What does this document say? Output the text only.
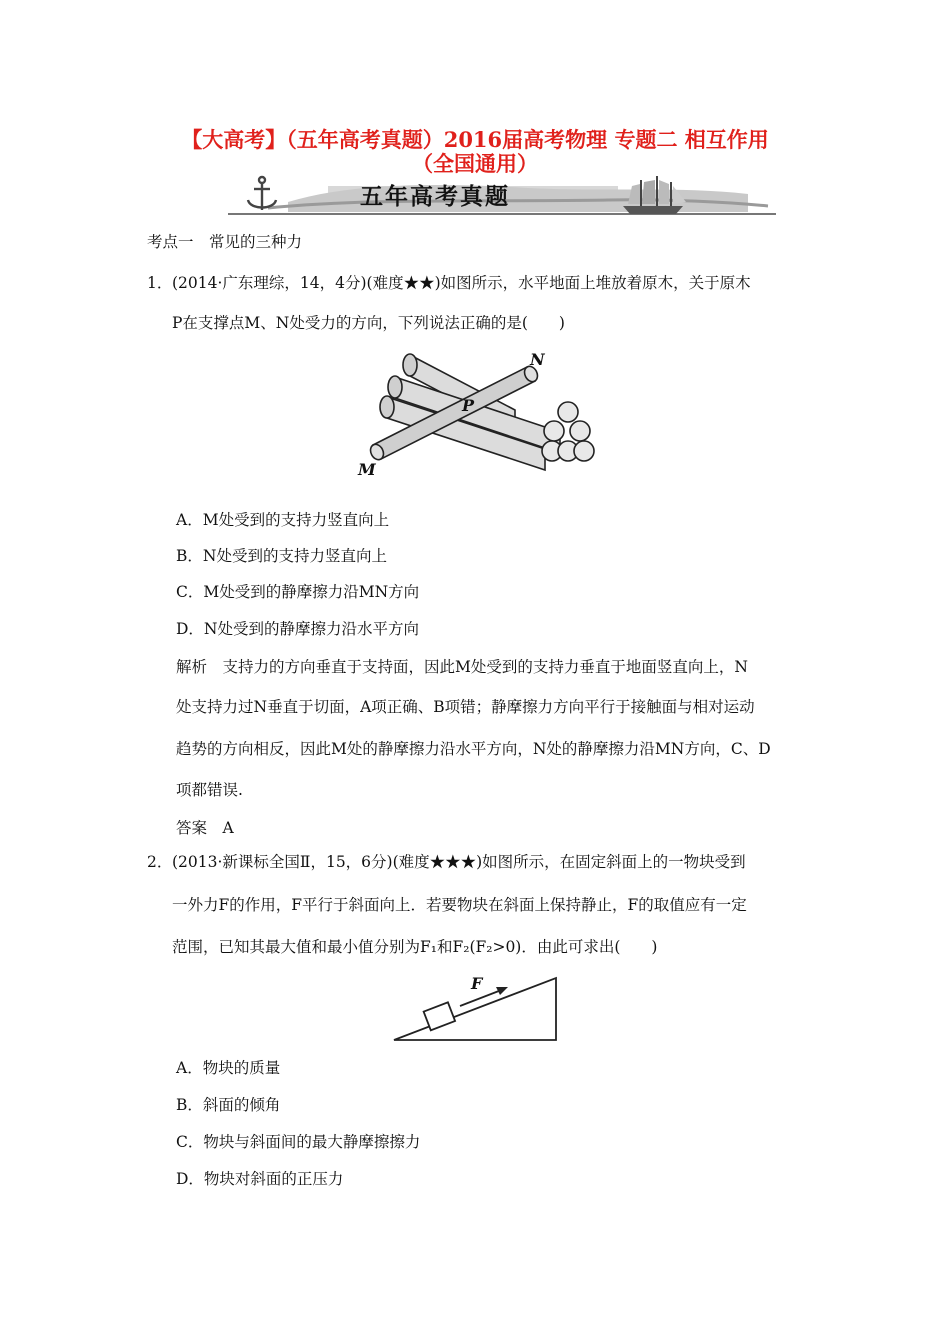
【大高考】（五年高考真题）2016届高考物理 专题二 相互作用
（全国通用）
五年高考真题
考点一　常见的三种力
1． (2014·广东理综，14，4分)(难度★★)如图所示，水平地面上堆放着原木，关于原木
P在支撑点M、N处受力的方向，下列说法正确的是(　　)
N
P
M
A．M处受到的支持力竖直向上
B．N处受到的支持力竖直向上
C．M处受到的静摩擦力沿MN方向
D．N处受到的静摩擦力沿水平方向
解析　支持力的方向垂直于支持面，因此M处受到的支持力垂直于地面竖直向上，N
处支持力过N垂直于切面，A项正确、B项错；静摩擦力方向平行于接触面与相对运动
趋势的方向相反，因此M处的静摩擦力沿水平方向，N处的静摩擦力沿MN方向，C、D
项都错误.
答案　A
2． (2013·新课标全国Ⅱ，15，6分)(难度★★★)如图所示，在固定斜面上的一物块受到
一外力F的作用，F平行于斜面向上．若要物块在斜面上保持静止，F的取值应有一定
范围，已知其最大值和最小值分别为F₁和F₂(F₂>0)．由此可求出(　　)
F
A．物块的质量
B．斜面的倾角
C．物块与斜面间的最大静摩擦擦力
D．物块对斜面的正压力
